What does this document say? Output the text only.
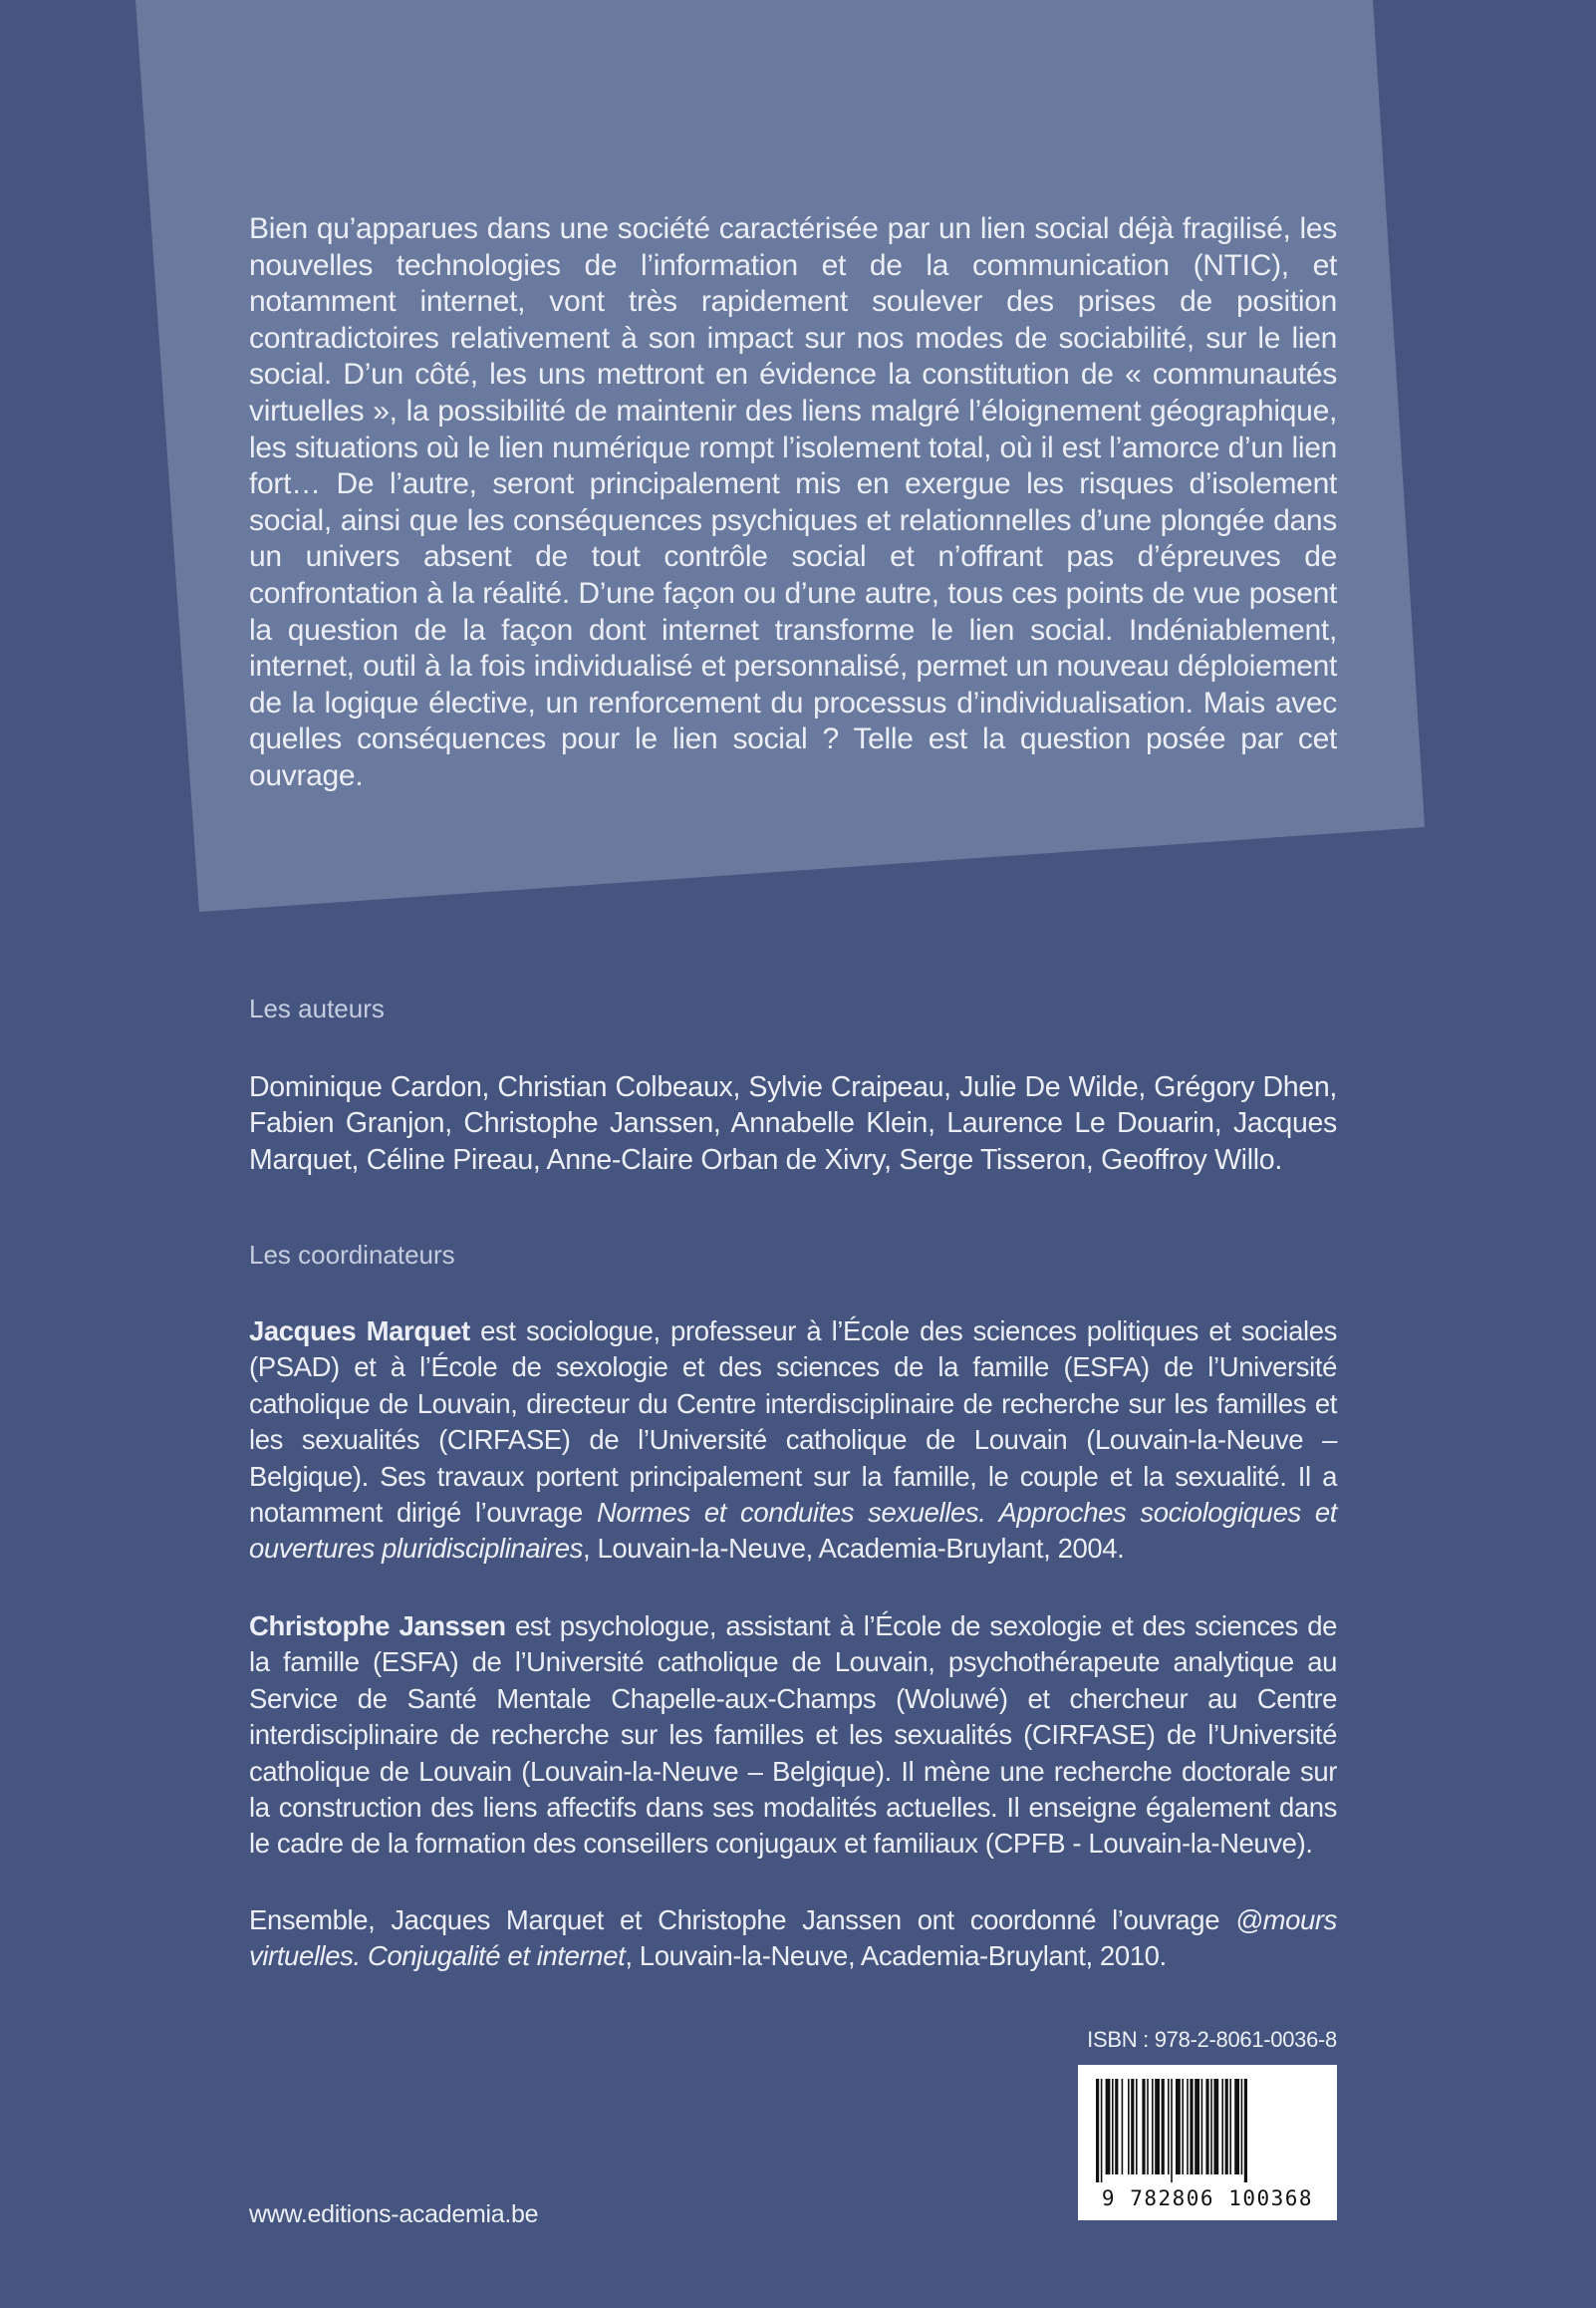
Bien qu’apparues dans une société caractérisée par un lien social déjà fragilisé, les nouvelles technologies de l’information et de la communication (NTIC), et notamment internet, vont très rapidement soulever des prises de position contradictoires relativement à son impact sur nos modes de sociabilité, sur le lien social. D’un côté, les uns mettront en évidence la constitution de « communautés virtuelles », la possibilité de maintenir des liens malgré l’éloignement géographique, les situations où le lien numérique rompt l’isolement total, où il est l’amorce d’un lien fort… De l’autre, seront principalement mis en exergue les risques d’isolement social, ainsi que les conséquences psychiques et relationnelles d’une plongée dans un univers absent de tout contrôle social et n’offrant pas d’épreuves de confrontation à la réalité. D’une façon ou d’une autre, tous ces points de vue posent la question de la façon dont internet transforme le lien social. Indéniablement, internet, outil à la fois individualisé et personnalisé, permet un nouveau déploiement de la logique élective, un renforcement du processus d’individualisation. Mais avec quelles conséquences pour le lien social ? Telle est la question posée par cet ouvrage.

Les auteurs

Dominique Cardon, Christian Colbeaux, Sylvie Craipeau, Julie De Wilde, Grégory Dhen, Fabien Granjon, Christophe Janssen, Annabelle Klein, Laurence Le Douarin, Jacques Marquet, Céline Pireau, Anne-Claire Orban de Xivry, Serge Tisseron, Geoffroy Willo.

Les coordinateurs

Jacques Marquet est sociologue, professeur à l’École des sciences politiques et sociales (PSAD) et à l’École de sexologie et des sciences de la famille (ESFA) de l’Université catholique de Louvain, directeur du Centre interdisciplinaire de recherche sur les familles et les sexualités (CIRFASE) de l’Université catholique de Louvain (Louvain-la-Neuve – Belgique). Ses travaux portent principalement sur la famille, le couple et la sexualité. Il a notamment dirigé l’ouvrage Normes et conduites sexuelles. Approches sociologiques et ouvertures pluridisciplinaires, Louvain-la-Neuve, Academia-Bruylant, 2004.

Christophe Janssen est psychologue, assistant à l’École de sexologie et des sciences de la famille (ESFA) de l’Université catholique de Louvain, psychothérapeute analytique au Service de Santé Mentale Chapelle-aux-Champs (Woluwé) et chercheur au Centre interdisciplinaire de recherche sur les familles et les sexualités (CIRFASE) de l’Université catholique de Louvain (Louvain-la-Neuve – Belgique). Il mène une recherche doctorale sur la construction des liens affectifs dans ses modalités actuelles. Il enseigne également dans le cadre de la formation des conseillers conjugaux et familiaux (CPFB - Louvain-la-Neuve).

Ensemble, Jacques Marquet et Christophe Janssen ont coordonné l’ouvrage @mours virtuelles. Conjugalité et internet, Louvain-la-Neuve, Academia-Bruylant, 2010.

ISBN : 978-2-8061-0036-8

9 782806 100368

www.editions-academia.be
